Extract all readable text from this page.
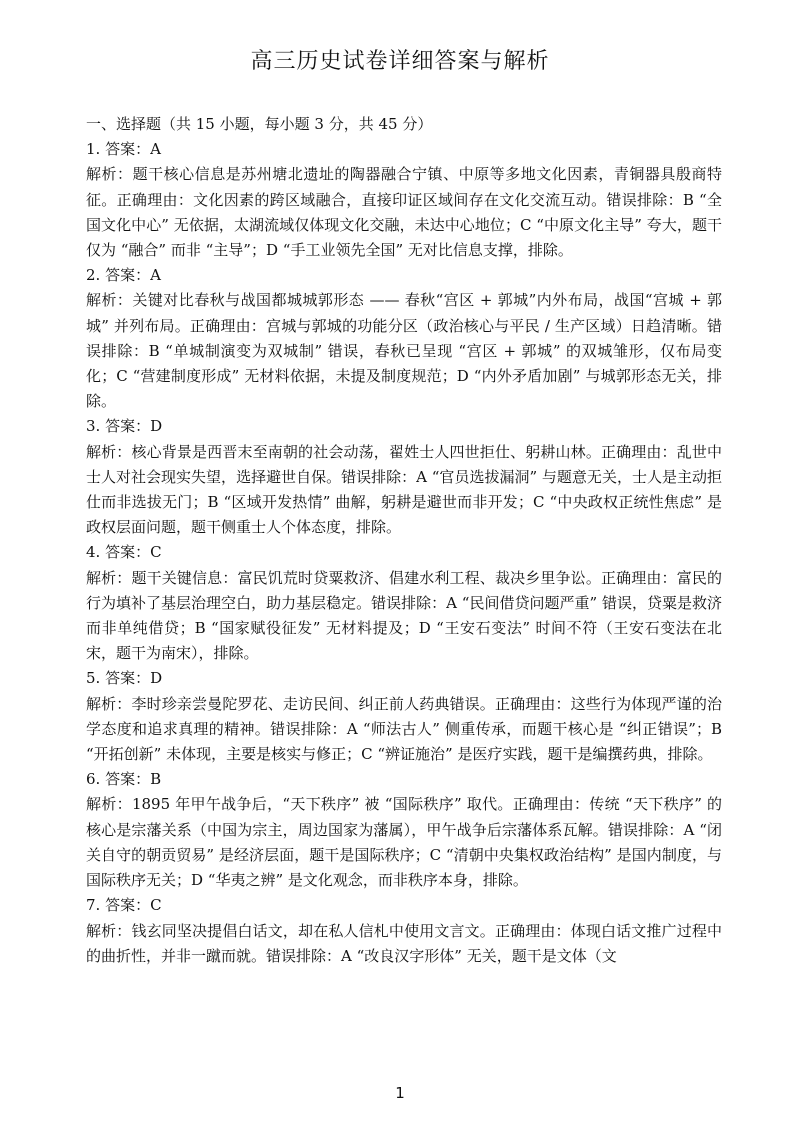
高三历史试卷详细答案与解析

一、选择题（共 15 小题，每小题 3 分，共 45 分）

1. 答案：A

解析：题干核心信息是苏州塘北遗址的陶器融合宁镇、中原等多地文化因素，青铜器具殷商特征。正确理由：文化因素的跨区域融合，直接印证区域间存在文化交流互动。错误排除：B “全国文化中心” 无依据，太湖流域仅体现文化交融，未达中心地位；C “中原文化主导” 夸大，题干仅为 “融合” 而非 “主导”；D “手工业领先全国” 无对比信息支撑，排除。

2. 答案：A

解析：关键对比春秋与战国都城城郭形态 —— 春秋“宫区 + 郭城”内外布局，战国“宫城 + 郭城” 并列布局。正确理由：宫城与郭城的功能分区（政治核心与平民 / 生产区域）日趋清晰。错误排除：B “单城制演变为双城制” 错误，春秋已呈现 “宫区 + 郭城” 的双城雏形，仅布局变化；C “营建制度形成” 无材料依据，未提及制度规范；D “内外矛盾加剧” 与城郭形态无关，排除。

3. 答案：D

解析：核心背景是西晋末至南朝的社会动荡，翟姓士人四世拒仕、躬耕山林。正确理由：乱世中士人对社会现实失望，选择避世自保。错误排除：A “官员选拔漏洞” 与题意无关，士人是主动拒仕而非选拔无门；B “区域开发热情” 曲解，躬耕是避世而非开发；C “中央政权正统性焦虑” 是政权层面问题，题干侧重士人个体态度，排除。

4. 答案：C

解析：题干关键信息：富民饥荒时贷粟救济、倡建水利工程、裁决乡里争讼。正确理由：富民的行为填补了基层治理空白，助力基层稳定。错误排除：A “民间借贷问题严重” 错误，贷粟是救济而非单纯借贷；B “国家赋役征发” 无材料提及；D “王安石变法” 时间不符（王安石变法在北宋，题干为南宋），排除。

5. 答案：D

解析：李时珍亲尝曼陀罗花、走访民间、纠正前人药典错误。正确理由：这些行为体现严谨的治学态度和追求真理的精神。错误排除：A “师法古人” 侧重传承，而题干核心是 “纠正错误”；B “开拓创新” 未体现，主要是核实与修正；C “辨证施治” 是医疗实践，题干是编撰药典，排除。

6. 答案：B

解析：1895 年甲午战争后，“天下秩序” 被 “国际秩序” 取代。正确理由：传统 “天下秩序” 的核心是宗藩关系（中国为宗主，周边国家为藩属），甲午战争后宗藩体系瓦解。错误排除：A “闭关自守的朝贡贸易” 是经济层面，题干是国际秩序；C “清朝中央集权政治结构” 是国内制度，与国际秩序无关；D “华夷之辨” 是文化观念，而非秩序本身，排除。

7. 答案：C

解析：钱玄同坚决提倡白话文，却在私人信札中使用文言文。正确理由：体现白话文推广过程中的曲折性，并非一蹴而就。错误排除：A “改良汉字形体” 无关，题干是文体（文

1
